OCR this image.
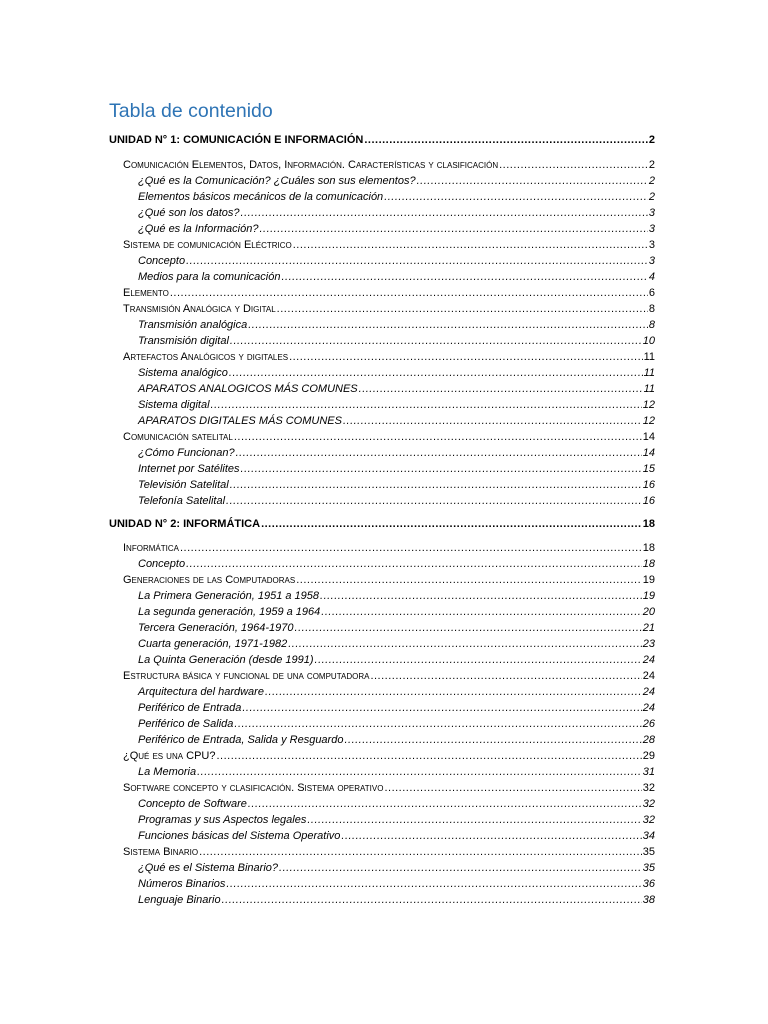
Tabla de contenido
UNIDAD N° 1: COMUNICACIÓN E INFORMACIÓN .....	2
Comunicación Elementos, Datos, Información. Características y clasificación .....	2
¿Qué es la Comunicación? ¿Cuáles son sus elementos? .....	2
Elementos básicos mecánicos de la comunicación .....	2
¿Qué son los datos? .....	3
¿Qué es la Información? .....	3
Sistema de comunicación Eléctrico .....	3
Concepto .....	3
Medios para la comunicación .....	4
Elemento .....	6
Transmisión Analógica y Digital .....	8
Transmisión analógica .....	8
Transmisión digital .....	10
Artefactos Analógicos y digitales .....	11
Sistema analógico .....	11
APARATOS ANALOGICOS MÁS COMUNES .....	11
Sistema digital .....	12
APARATOS DIGITALES MÁS COMUNES .....	12
Comunicación satelital .....	14
¿Cómo Funcionan? .....	14
Internet por Satélites .....	15
Televisión Satelital .....	16
Telefonía Satelital .....	16
UNIDAD N° 2: INFORMÁTICA .....	18
Informática .....	18
Concepto .....	18
Generaciones de las Computadoras .....	19
La Primera Generación, 1951 a 1958 .....	19
La segunda generación, 1959 a 1964 .....	20
Tercera Generación, 1964-1970 .....	21
Cuarta generación, 1971-1982 .....	23
La Quinta Generación (desde 1991) .....	24
Estructura básica y funcional de una computadora .....	24
Arquitectura del hardware .....	24
Periférico de Entrada .....	24
Periférico de Salida .....	26
Periférico de Entrada, Salida y Resguardo .....	28
¿Qué es una CPU? .....	29
La Memoria .....	31
Software concepto y clasificación. Sistema operativo .....	32
Concepto de Software .....	32
Programas y sus Aspectos legales .....	32
Funciones básicas del Sistema Operativo .....	34
Sistema Binario .....	35
¿Qué es el Sistema Binario? .....	35
Números Binarios .....	36
Lenguaje Binario .....	38
